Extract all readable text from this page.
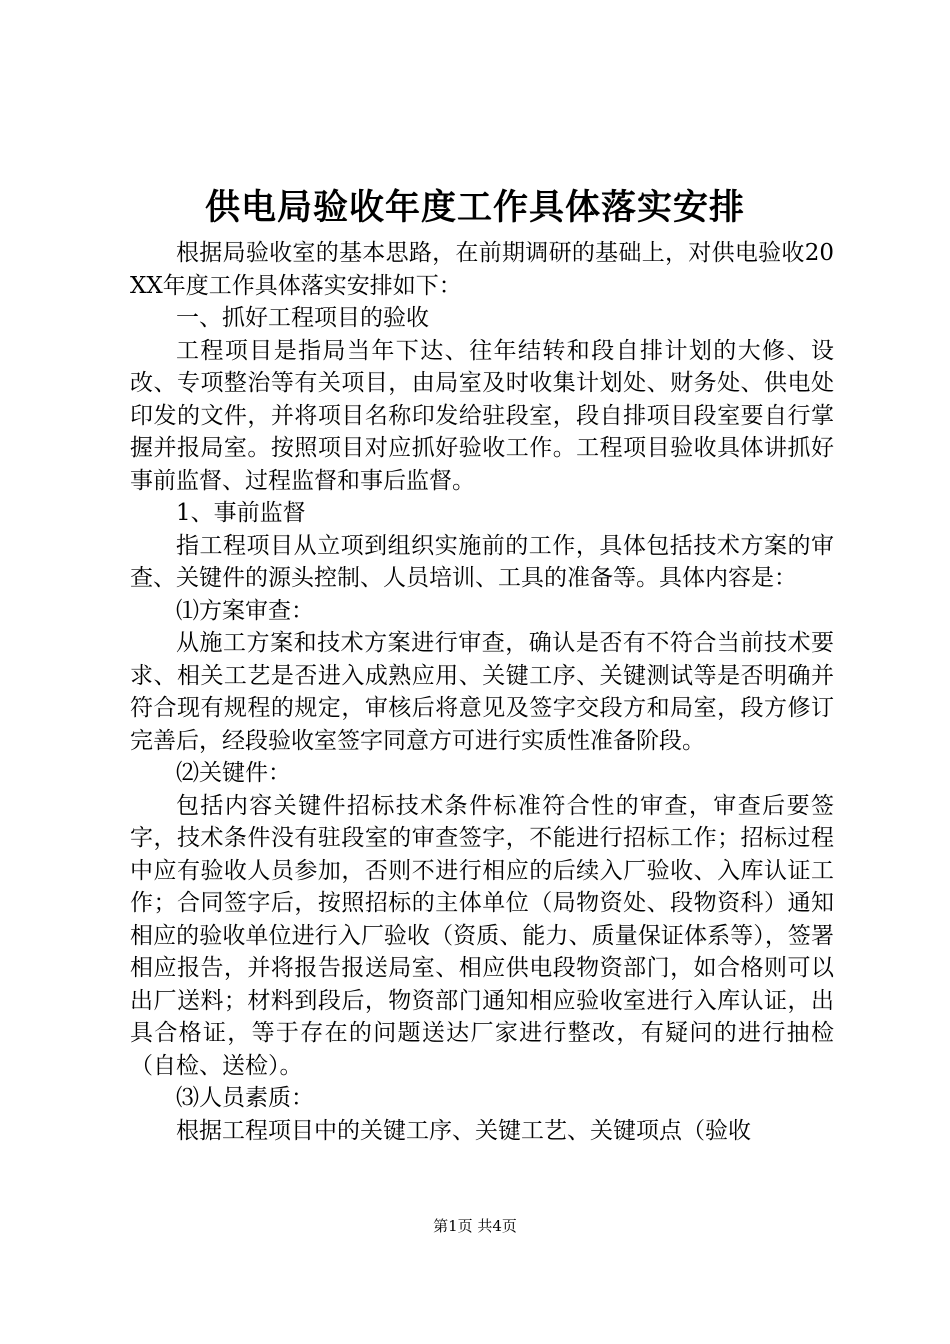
供电局验收年度工作具体落实安排

根据局验收室的基本思路，在前期调研的基础上，对供电验收20XX年度工作具体落实安排如下：

一、抓好工程项目的验收

工程项目是指局当年下达、往年结转和段自排计划的大修、设改、专项整治等有关项目，由局室及时收集计划处、财务处、供电处印发的文件，并将项目名称印发给驻段室，段自排项目段室要自行掌握并报局室。按照项目对应抓好验收工作。工程项目验收具体讲抓好事前监督、过程监督和事后监督。

1、事前监督

指工程项目从立项到组织实施前的工作，具体包括技术方案的审查、关键件的源头控制、人员培训、工具的准备等。具体内容是：

⑴方案审查：

从施工方案和技术方案进行审查，确认是否有不符合当前技术要求、相关工艺是否进入成熟应用、关键工序、关键测试等是否明确并符合现有规程的规定，审核后将意见及签字交段方和局室，段方修订完善后，经段验收室签字同意方可进行实质性准备阶段。

⑵关键件：

包括内容关键件招标技术条件标准符合性的审查，审查后要签字，技术条件没有驻段室的审查签字，不能进行招标工作；招标过程中应有验收人员参加，否则不进行相应的后续入厂验收、入库认证工作；合同签字后，按照招标的主体单位（局物资处、段物资科）通知相应的验收单位进行入厂验收（资质、能力、质量保证体系等），签署相应报告，并将报告报送局室、相应供电段物资部门，如合格则可以出厂送料；材料到段后，物资部门通知相应验收室进行入库认证，出具合格证，等于存在的问题送达厂家进行整改，有疑问的进行抽检（自检、送检）。

⑶人员素质：

根据工程项目中的关键工序、关键工艺、关键项点（验收

第1页 共4页
